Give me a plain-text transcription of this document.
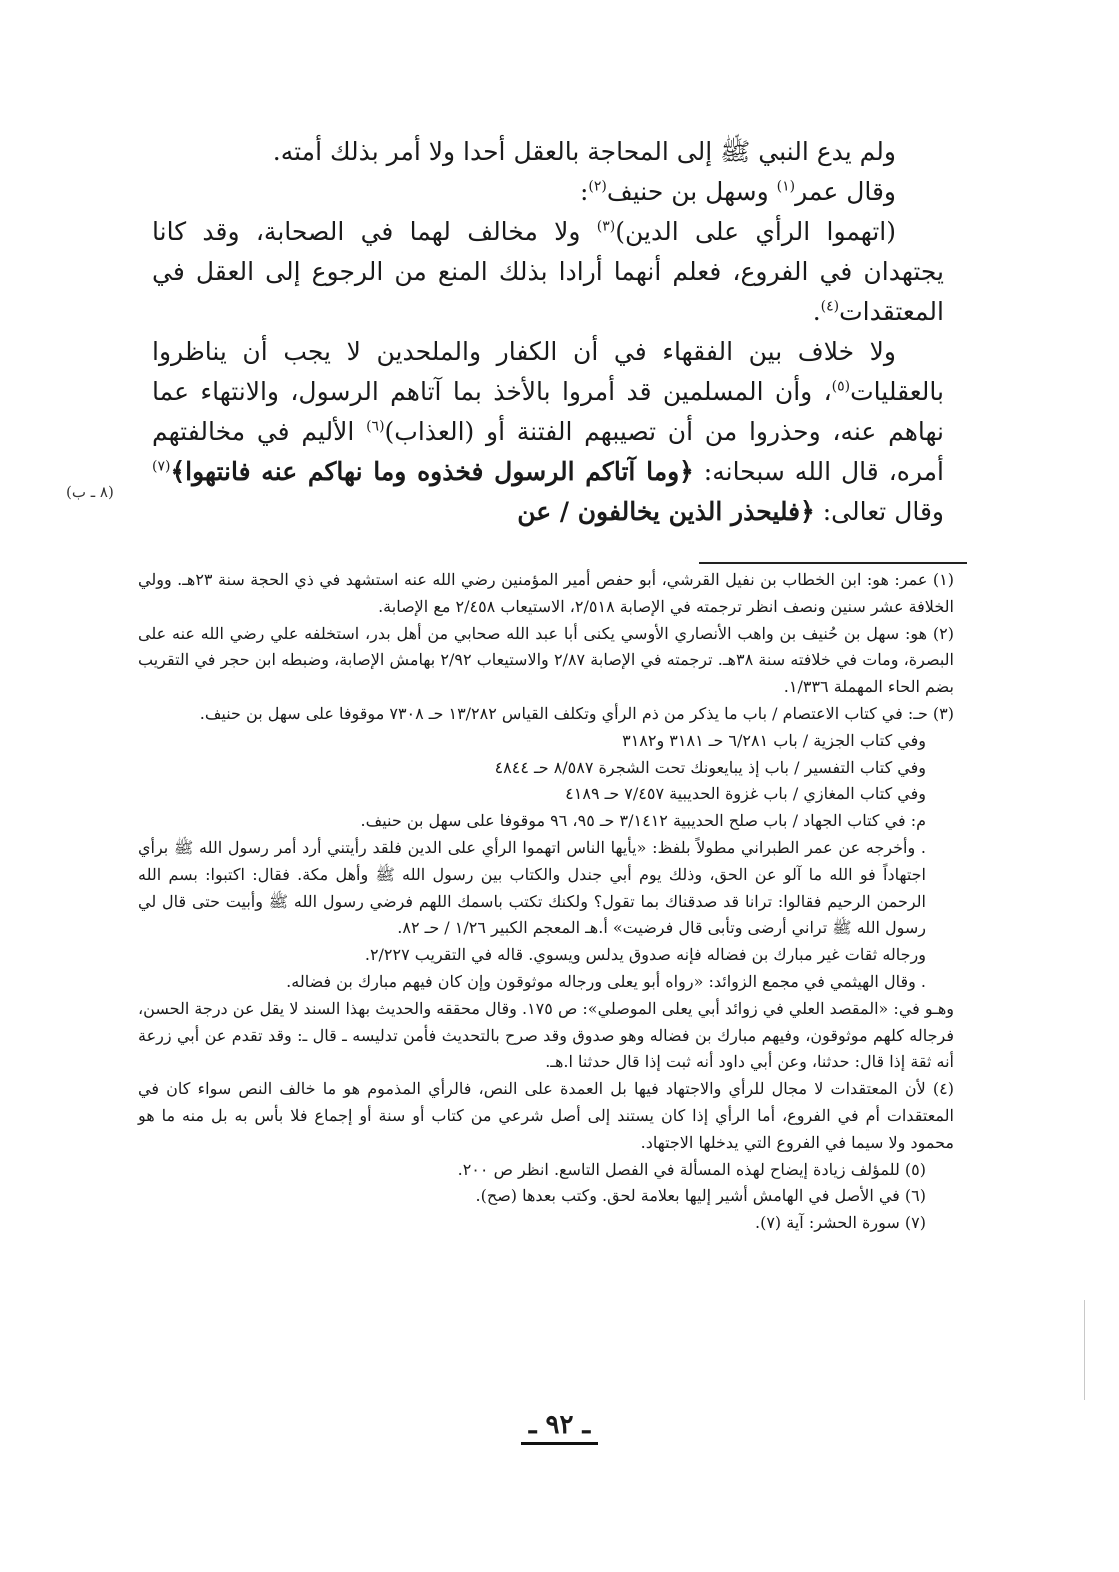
ولم يدع النبي ﷺ إلى المحاجة بالعقل أحدا ولا أمر بذلك أمته.

وقال عمر$^{(١)}$ وسهل بن حنيف$^{(٢)}$:

(اتهموا الرأي على الدين)$^{(٣)}$ ولا مخالف لهما في الصحابة، وقد كانا يجتهدان في الفروع، فعلم أنهما أرادا بذلك المنع من الرجوع إلى العقل في المعتقدات$^{(٤)}$.

ولا خلاف بين الفقهاء في أن الكفار والملحدين لا يجب أن يناظروا بالعقليات$^{(٥)}$، وأن المسلمين قد أمروا بالأخذ بما آتاهم الرسول، والانتهاء عما نهاهم عنه، وحذروا من أن تصيبهم الفتنة أو (العذاب)$^{(٦)}$ الأليم في مخالفتهم أمره، قال الله سبحانه: ﴿وما آتاكم الرسول فخذوه وما نهاكم عنه فانتهوا﴾$^{(٧)}$ وقال تعالى: ﴿فليحذر الذين يخالفون / عن

(٨ ـ ب)

(١) عمر: هو: ابن الخطاب بن نفيل القرشي، أبو حفص أمير المؤمنين رضي الله عنه استشهد في ذي الحجة سنة ٢٣هـ. وولي الخلافة عشر سنين ونصف انظر ترجمته في الإصابة ٢/٥١٨، الاستيعاب ٢/٤٥٨ مع الإصابة.

(٢) هو: سهل بن حُنيف بن واهب الأنصاري الأوسي يكنى أبا عبد الله صحابي من أهل بدر، استخلفه علي رضي الله عنه على البصرة، ومات في خلافته سنة ٣٨هـ. ترجمته في الإصابة ٢/٨٧ والاستيعاب ٢/٩٢ بهامش الإصابة، وضبطه ابن حجر في التقريب بضم الحاء المهملة ١/٣٣٦.

(٣) حـ: في كتاب الاعتصام / باب ما يذكر من ذم الرأي وتكلف القياس ١٣/٢٨٢ حـ ٧٣٠٨ موقوفا على سهل بن حنيف.

وفي كتاب الجزية / باب ٦/٢٨١ حـ ٣١٨١ و٣١٨٢

وفي كتاب التفسير / باب إذ يبايعونك تحت الشجرة ٨/٥٨٧ حـ ٤٨٤٤

وفي كتاب المغازي / باب غزوة الحديبية ٧/٤٥٧ حـ ٤١٨٩

م: في كتاب الجهاد / باب صلح الحديبية ٣/١٤١٢ حـ ٩٥، ٩٦ موقوفا على سهل بن حنيف.

. وأخرجه عن عمر الطبراني مطولاً بلفظ: «يأيها الناس اتهموا الرأي على الدين فلقد رأيتني أرد أمر رسول الله ﷺ برأي اجتهاداً فو الله ما آلو عن الحق، وذلك يوم أبي جندل والكتاب بين رسول الله ﷺ وأهل مكة. فقال: اكتبوا: بسم الله الرحمن الرحيم فقالوا: ترانا قد صدقناك بما تقول؟ ولكنك تكتب باسمك اللهم فرضي رسول الله ﷺ وأبيت حتى قال لي رسول الله ﷺ تراني أرضى وتأبى قال فرضيت» أ.هـ المعجم الكبير ١/٢٦ / حـ ٨٢.

ورجاله ثقات غير مبارك بن فضاله فإنه صدوق يدلس ويسوي. قاله في التقريب ٢/٢٢٧.

. وقال الهيثمي في مجمع الزوائد: «رواه أبو يعلى ورجاله موثوقون وإن كان فيهم مبارك بن فضاله.

وهـو في: «المقصد العلي في زوائد أبي يعلى الموصلي»: ص ١٧٥. وقال محققه والحديث بهذا السند لا يقل عن درجة الحسن، فرجاله كلهم موثوقون، وفيهم مبارك بن فضاله وهو صدوق وقد صرح بالتحديث فأمن تدليسه ـ قال ـ: وقد تقدم عن أبي زرعة أنه ثقة إذا قال: حدثنا، وعن أبي داود أنه ثبت إذا قال حدثنا ا.هـ.

(٤) لأن المعتقدات لا مجال للرأي والاجتهاد فيها بل العمدة على النص، فالرأي المذموم هو ما خالف النص سواء كان في المعتقدات أم في الفروع، أما الرأي إذا كان يستند إلى أصل شرعي من كتاب أو سنة أو إجماع فلا بأس به بل منه ما هو محمود ولا سيما في الفروع التي يدخلها الاجتهاد.

(٥) للمؤلف زيادة إيضاح لهذه المسألة في الفصل التاسع. انظر ص ٢٠٠.

(٦) في الأصل في الهامش أشير إليها بعلامة لحق. وكتب بعدها (صح).

(٧) سورة الحشر: آية (٧).

ـ ٩٢ ـ
